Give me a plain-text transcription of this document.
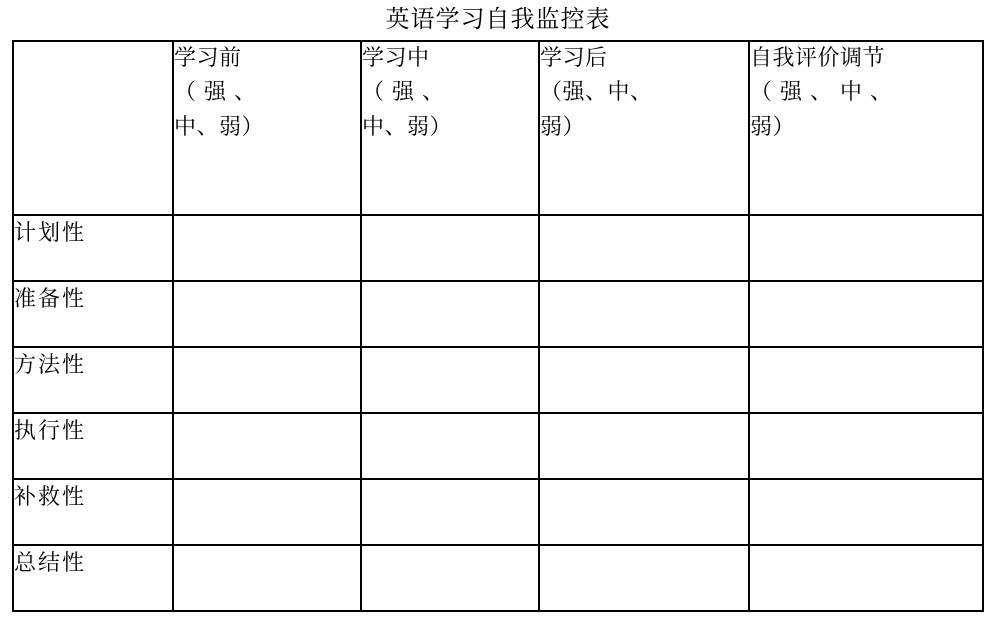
英语学习自我监控表

	学习前
（ 强 、
中、弱）	学习中
（ 强 、
中、弱）	学习后
（强、中、
弱）	自我评价调节
（ 强 、 中 、
弱）

计划性				
准备性				
方法性				
执行性				
补救性				
总结性				
